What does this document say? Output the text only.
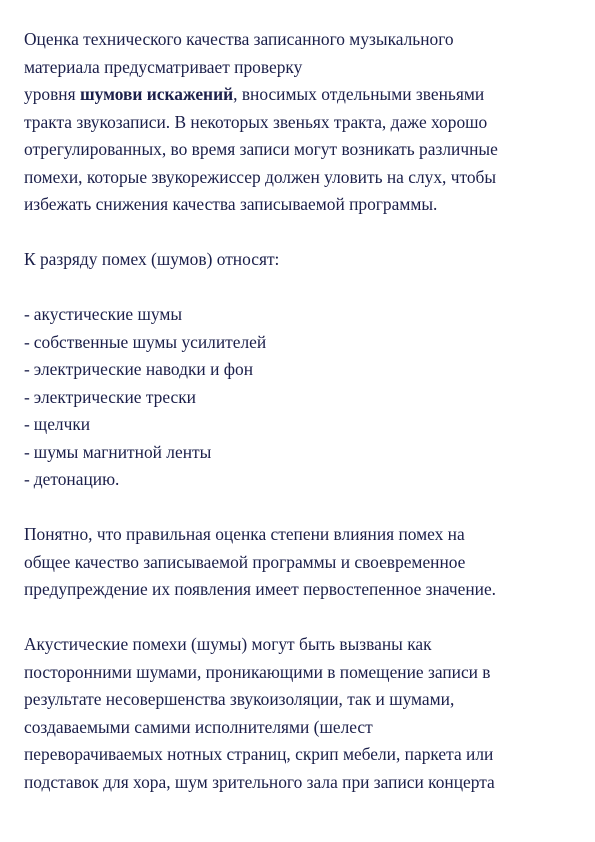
Оценка технического качества записанного музыкального
материала предусматривает проверку
уровня шумови искажений, вносимых отдельными звеньями
тракта звукозаписи. В некоторых звеньях тракта, даже хорошо
отрегулированных, во время записи могут возникать различные
помехи, которые звукорежиссер должен уловить на слух, чтобы
избежать снижения качества записываемой программы.
К разряду помех (шумов) относят:
- акустические шумы
- собственные шумы усилителей
- электрические наводки и фон
- электрические трески
- щелчки
- шумы магнитной ленты
- детонацию.
Понятно, что правильная оценка степени влияния помех на
общее качество записываемой программы и своевременное
предупреждение их появления имеет первостепенное значение.
Акустические помехи (шумы) могут быть вызваны как
посторонними шумами, проникающими в помещение записи в
результате несовершенства звукоизоляции, так и шумами,
создаваемыми самими исполнителями (шелест
переворачиваемых нотных страниц, скрип мебели, паркета или
подставок для хора, шум зрительного зала при записи концерта
